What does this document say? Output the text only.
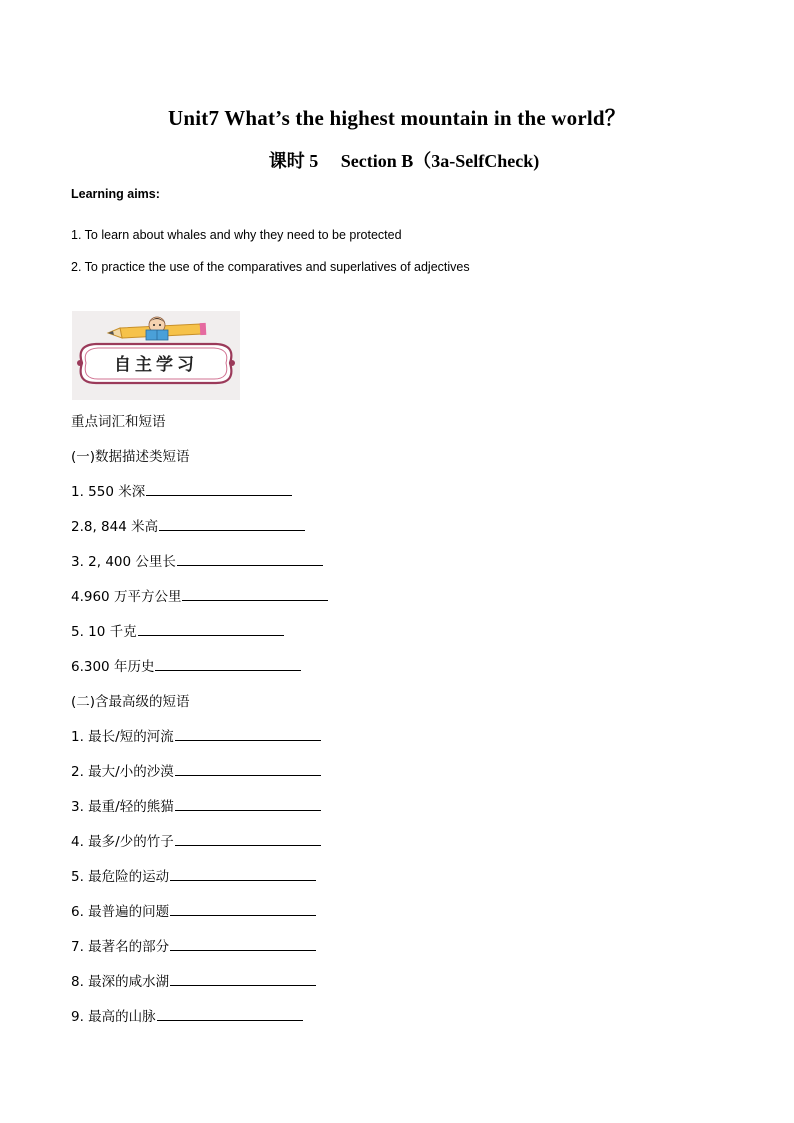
Unit7 What’s the highest mountain in the world？
课时 5　 Section B（3a-SelfCheck)
Learning aims:
1. To learn about whales and why they need to be protected
2. To practice the use of the comparatives and superlatives of adjectives
自主学习
重点词汇和短语
(一)数据描述类短语
1. 550 米深
2.8, 844 米高
3. 2, 400 公里长
4.960 万平方公里
5. 10 千克
6.300 年历史
(二)含最高级的短语
1. 最长/短的河流
2. 最大/小的沙漠
3. 最重/轻的熊猫
4. 最多/少的竹子
5. 最危险的运动
6. 最普遍的问题
7. 最著名的部分
8. 最深的咸水湖
9. 最高的山脉
